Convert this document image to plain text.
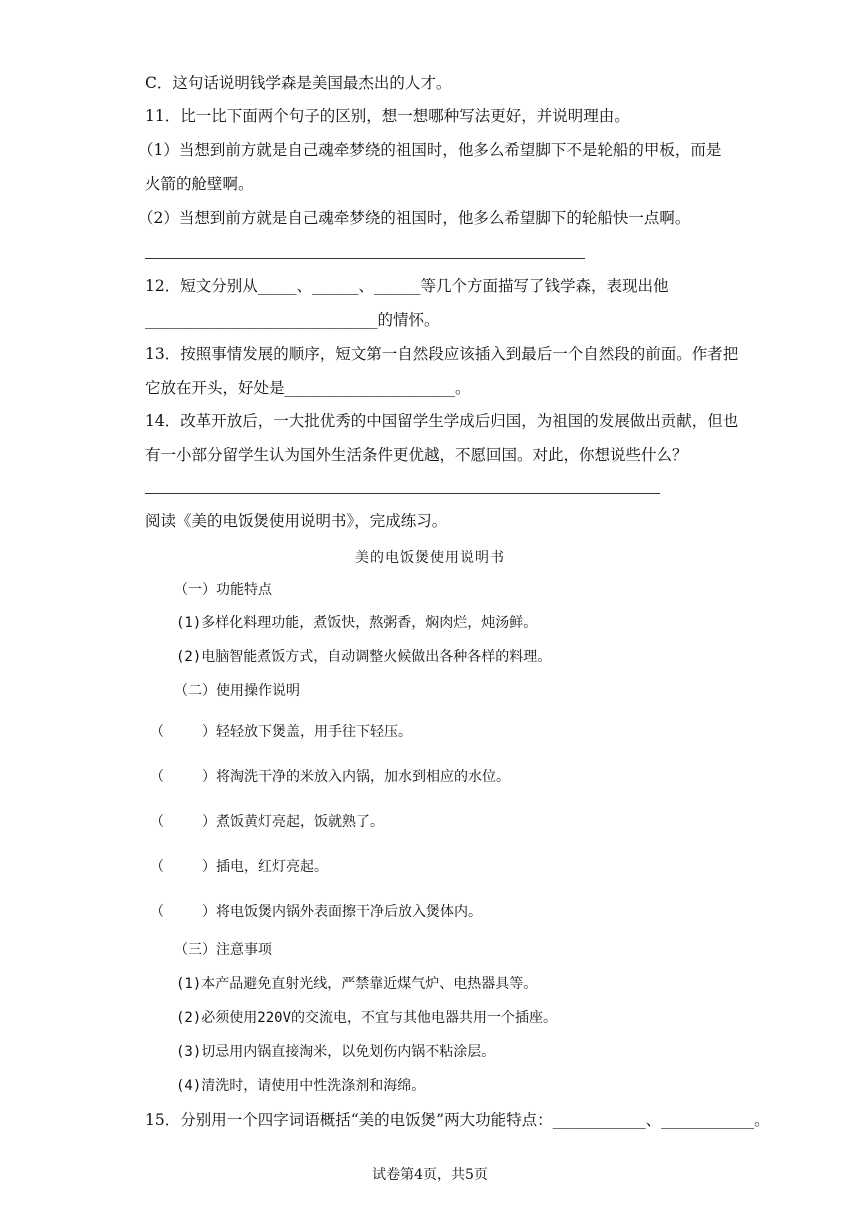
C．这句话说明钱学森是美国最杰出的人才。
11．比一比下面两个句子的区别，想一想哪种写法更好，并说明理由。
（1）当想到前方就是自己魂牵梦绕的祖国时，他多么希望脚下不是轮船的甲板，而是
火箭的舱壁啊。
（2）当想到前方就是自己魂牵梦绕的祖国时，他多么希望脚下的轮船快一点啊。
12．短文分别从_____、______、______等几个方面描写了钱学森，表现出他
______________________________的情怀。
13．按照事情发展的顺序，短文第一自然段应该插入到最后一个自然段的前面。作者把
它放在开头，好处是______________________。
14．改革开放后，一大批优秀的中国留学生学成后归国，为祖国的发展做出贡献，但也
有一小部分留学生认为国外生活条件更优越，不愿回国。对此，你想说些什么？
阅读《美的电饭煲使用说明书》，完成练习。
美的电饭煲使用说明书
（一）功能特点
(1)多样化料理功能，煮饭快，熬粥香，焖肉烂，炖汤鲜。
(2)电脑智能煮饭方式，自动调整火候做出各种各样的料理。
（二）使用操作说明
（	）轻轻放下煲盖，用手往下轻压。
（	）将淘洗干净的米放入内锅，加水到相应的水位。
（	）煮饭黄灯亮起，饭就熟了。
（	）插电，红灯亮起。
（	）将电饭煲内锅外表面擦干净后放入煲体内。
（三）注意事项
(1)本产品避免直射光线，严禁靠近煤气炉、电热器具等。
(2)必须使用220V的交流电，不宜与其他电器共用一个插座。
(3)切忌用内锅直接淘米，以免划伤内锅不粘涂层。
(4)清洗时，请使用中性洗涤剂和海绵。
15．分别用一个四字词语概括“美的电饭煲”两大功能特点：____________、____________。
试卷第4页，共5页
